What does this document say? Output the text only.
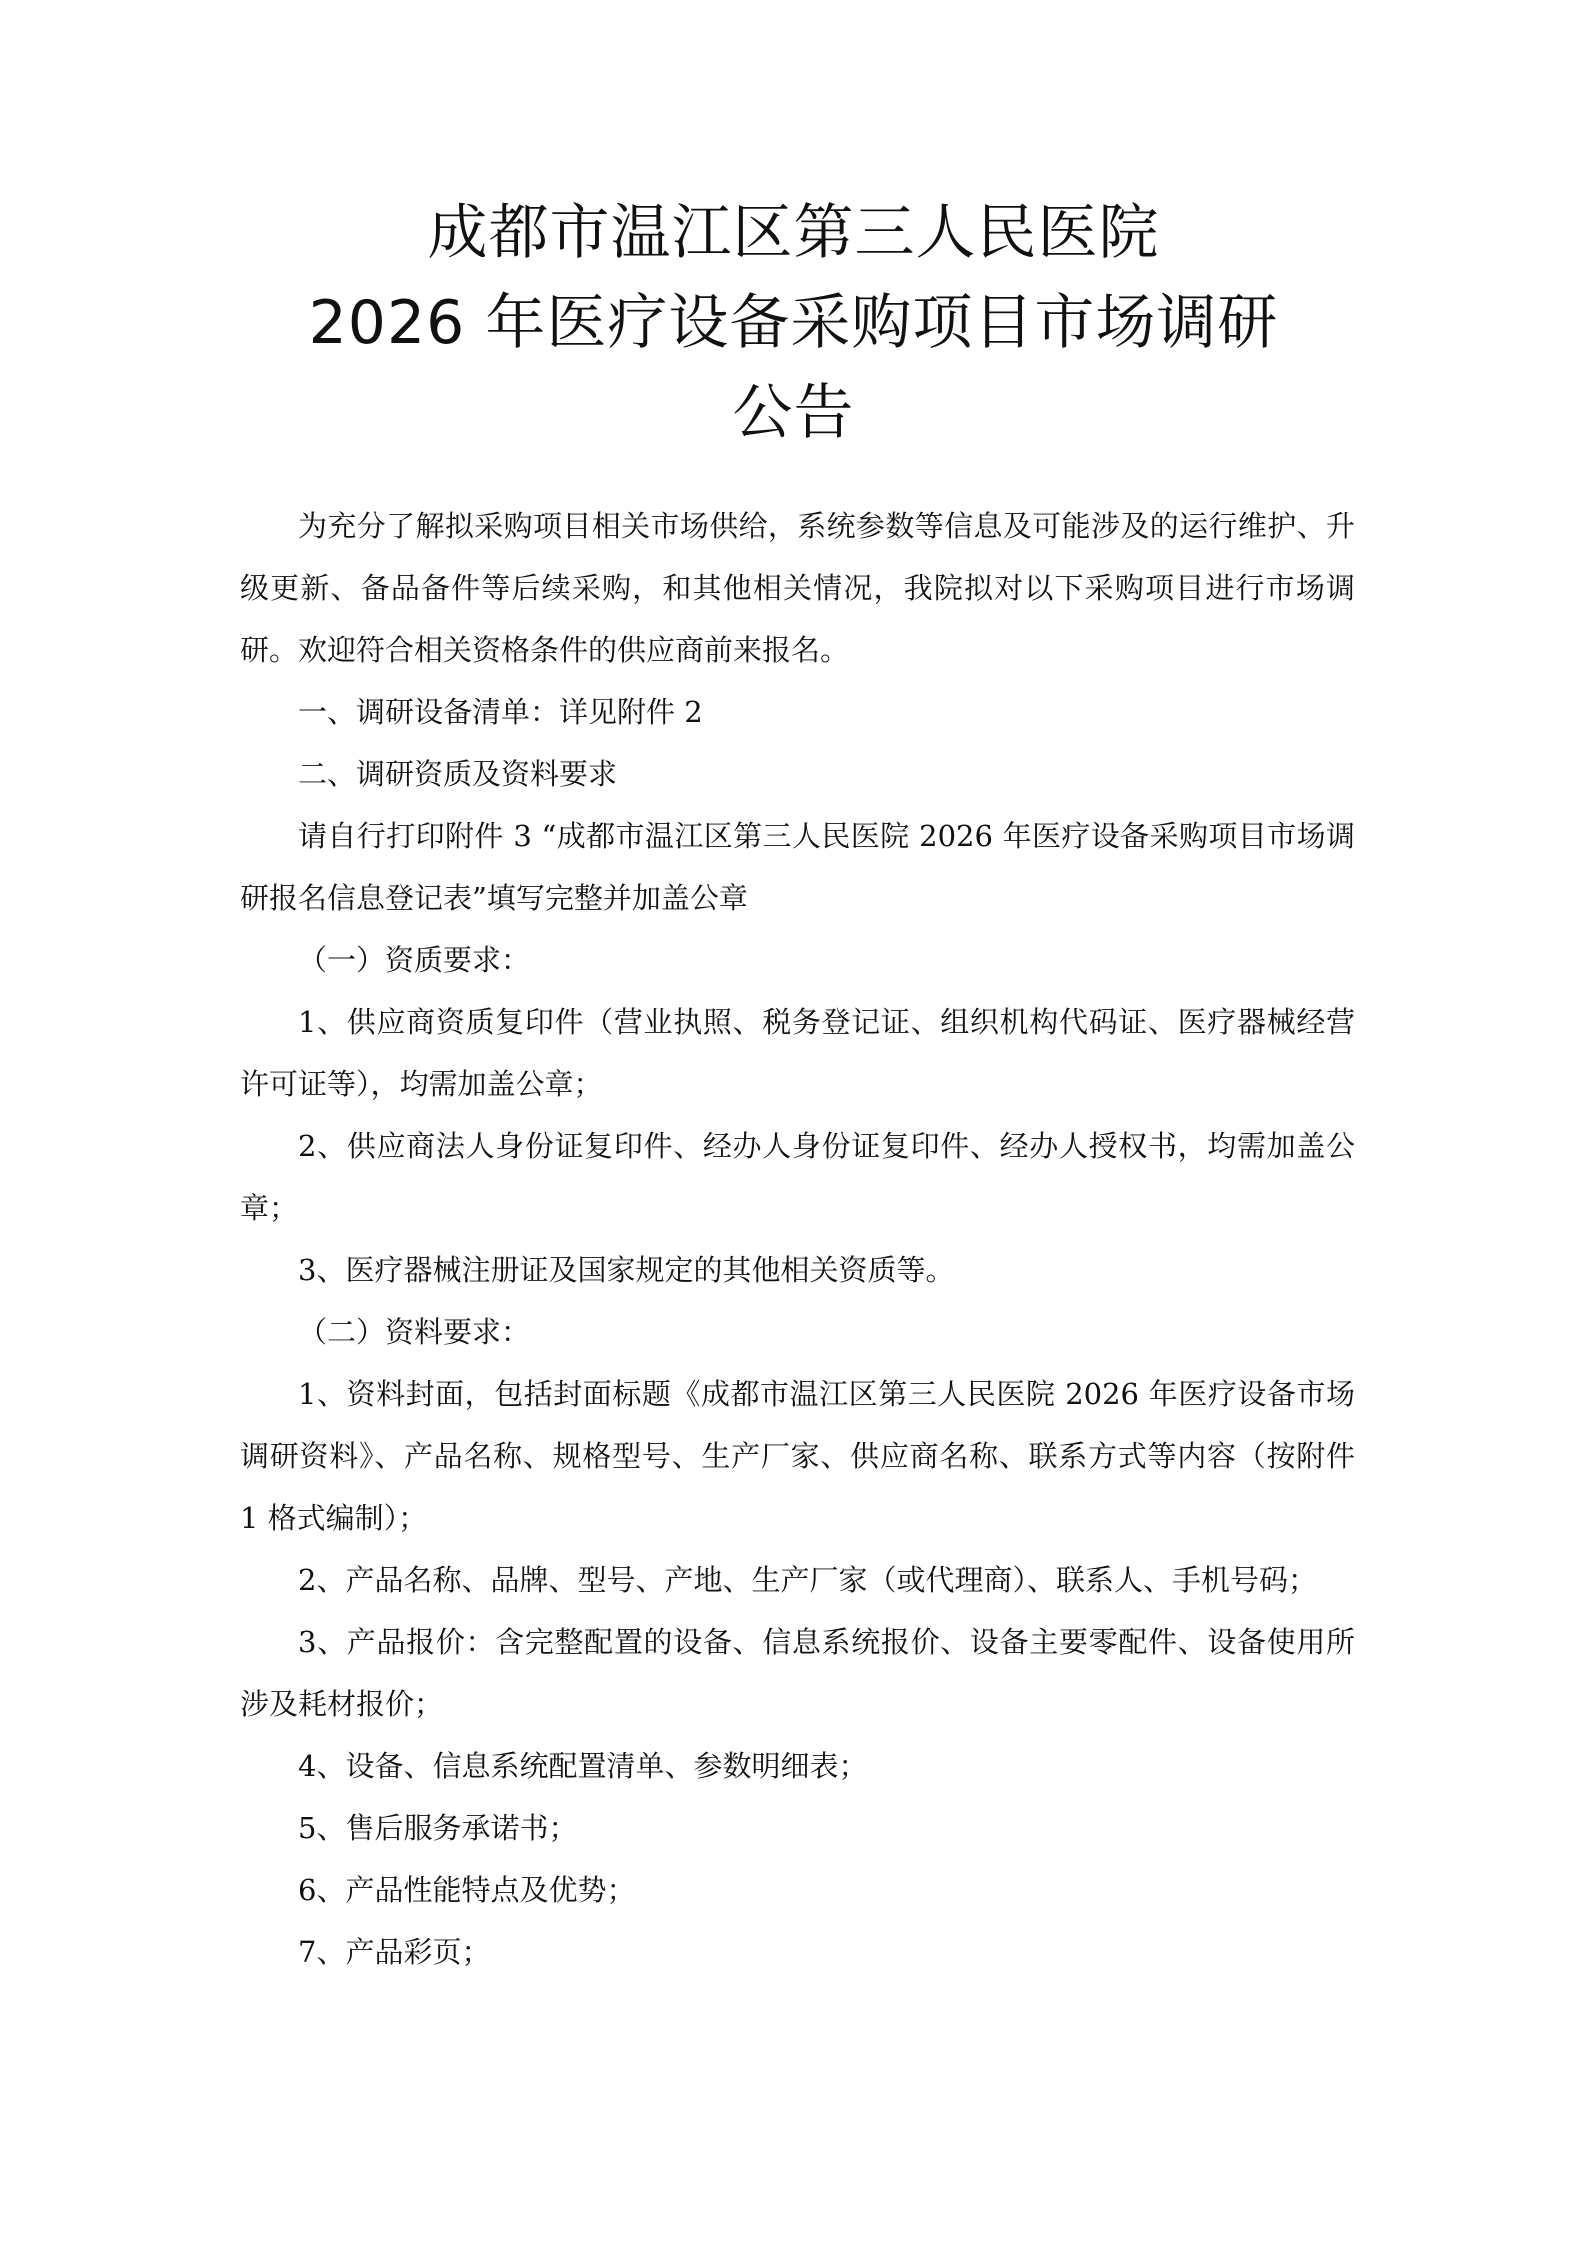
成都市温江区第三人民医院
2026 年医疗设备采购项目市场调研
公告

为充分了解拟采购项目相关市场供给，系统参数等信息及可能涉及的运行维护、升级更新、备品备件等后续采购，和其他相关情况，我院拟对以下采购项目进行市场调研。欢迎符合相关资格条件的供应商前来报名。

一、调研设备清单：详见附件 2

二、调研资质及资料要求

请自行打印附件 3 “成都市温江区第三人民医院 2026 年医疗设备采购项目市场调研报名信息登记表”填写完整并加盖公章

（一）资质要求：

1、供应商资质复印件（营业执照、税务登记证、组织机构代码证、医疗器械经营许可证等），均需加盖公章；

2、供应商法人身份证复印件、经办人身份证复印件、经办人授权书，均需加盖公章；

3、医疗器械注册证及国家规定的其他相关资质等。

（二）资料要求：

1、资料封面，包括封面标题《成都市温江区第三人民医院 2026 年医疗设备市场调研资料》、产品名称、规格型号、生产厂家、供应商名称、联系方式等内容（按附件 1 格式编制）；

2、产品名称、品牌、型号、产地、生产厂家（或代理商）、联系人、手机号码；

3、产品报价：含完整配置的设备、信息系统报价、设备主要零配件、设备使用所涉及耗材报价；

4、设备、信息系统配置清单、参数明细表；

5、售后服务承诺书；

6、产品性能特点及优势；

7、产品彩页；
